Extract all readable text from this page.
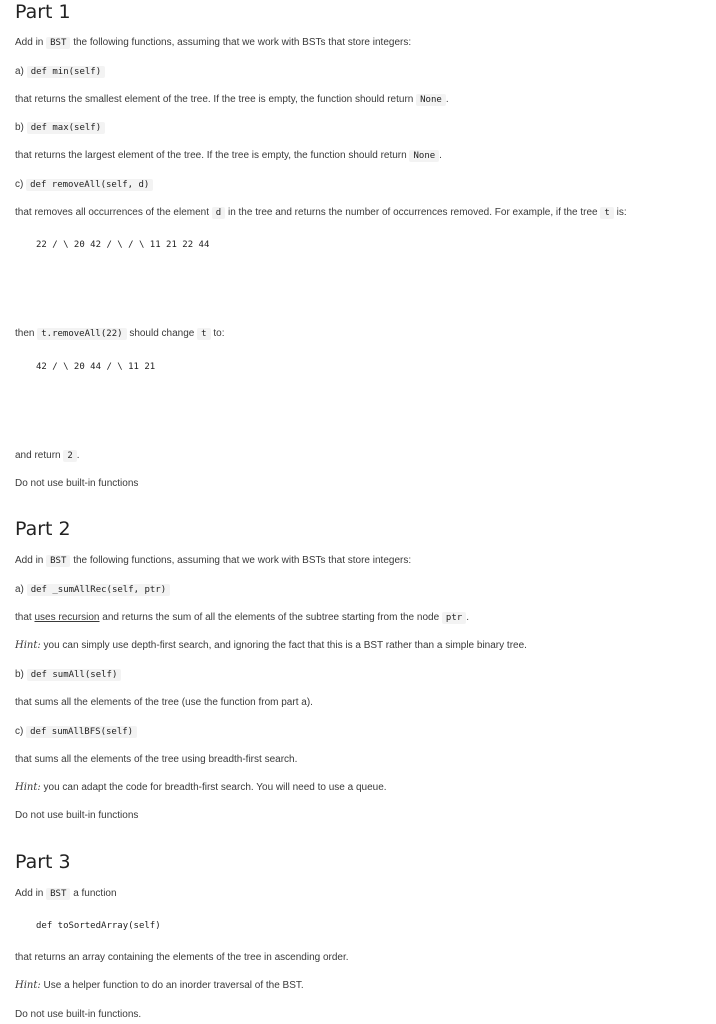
Part 1
Add in BST the following functions, assuming that we work with BSTs that store integers:
a) def min(self)
that returns the smallest element of the tree. If the tree is empty, the function should return None .
b) def max(self)
that returns the largest element of the tree. If the tree is empty, the function should return None .
c) def removeAll(self, d)
that removes all occurrences of the element d in the tree and returns the number of occurrences removed. For example, if the tree t is:
22 / \ 20 42 / \ / \ 11 21 22 44
then t.removeAll(22) should change t to:
42 / \ 20 44 / \ 11 21
and return 2 .
Do not use built-in functions
Part 2
Add in BST the following functions, assuming that we work with BSTs that store integers:
a) def _sumAllRec(self, ptr)
that uses recursion and returns the sum of all the elements of the subtree starting from the node ptr .
Hint: you can simply use depth-first search, and ignoring the fact that this is a BST rather than a simple binary tree.
b) def sumAll(self)
that sums all the elements of the tree (use the function from part a).
c) def sumAllBFS(self)
that sums all the elements of the tree using breadth-first search.
Hint: you can adapt the code for breadth-first search. You will need to use a queue.
Do not use built-in functions
Part 3
Add in BST a function
def toSortedArray(self)
that returns an array containing the elements of the tree in ascending order.
Hint: Use a helper function to do an inorder traversal of the BST.
Do not use built-in functions.
